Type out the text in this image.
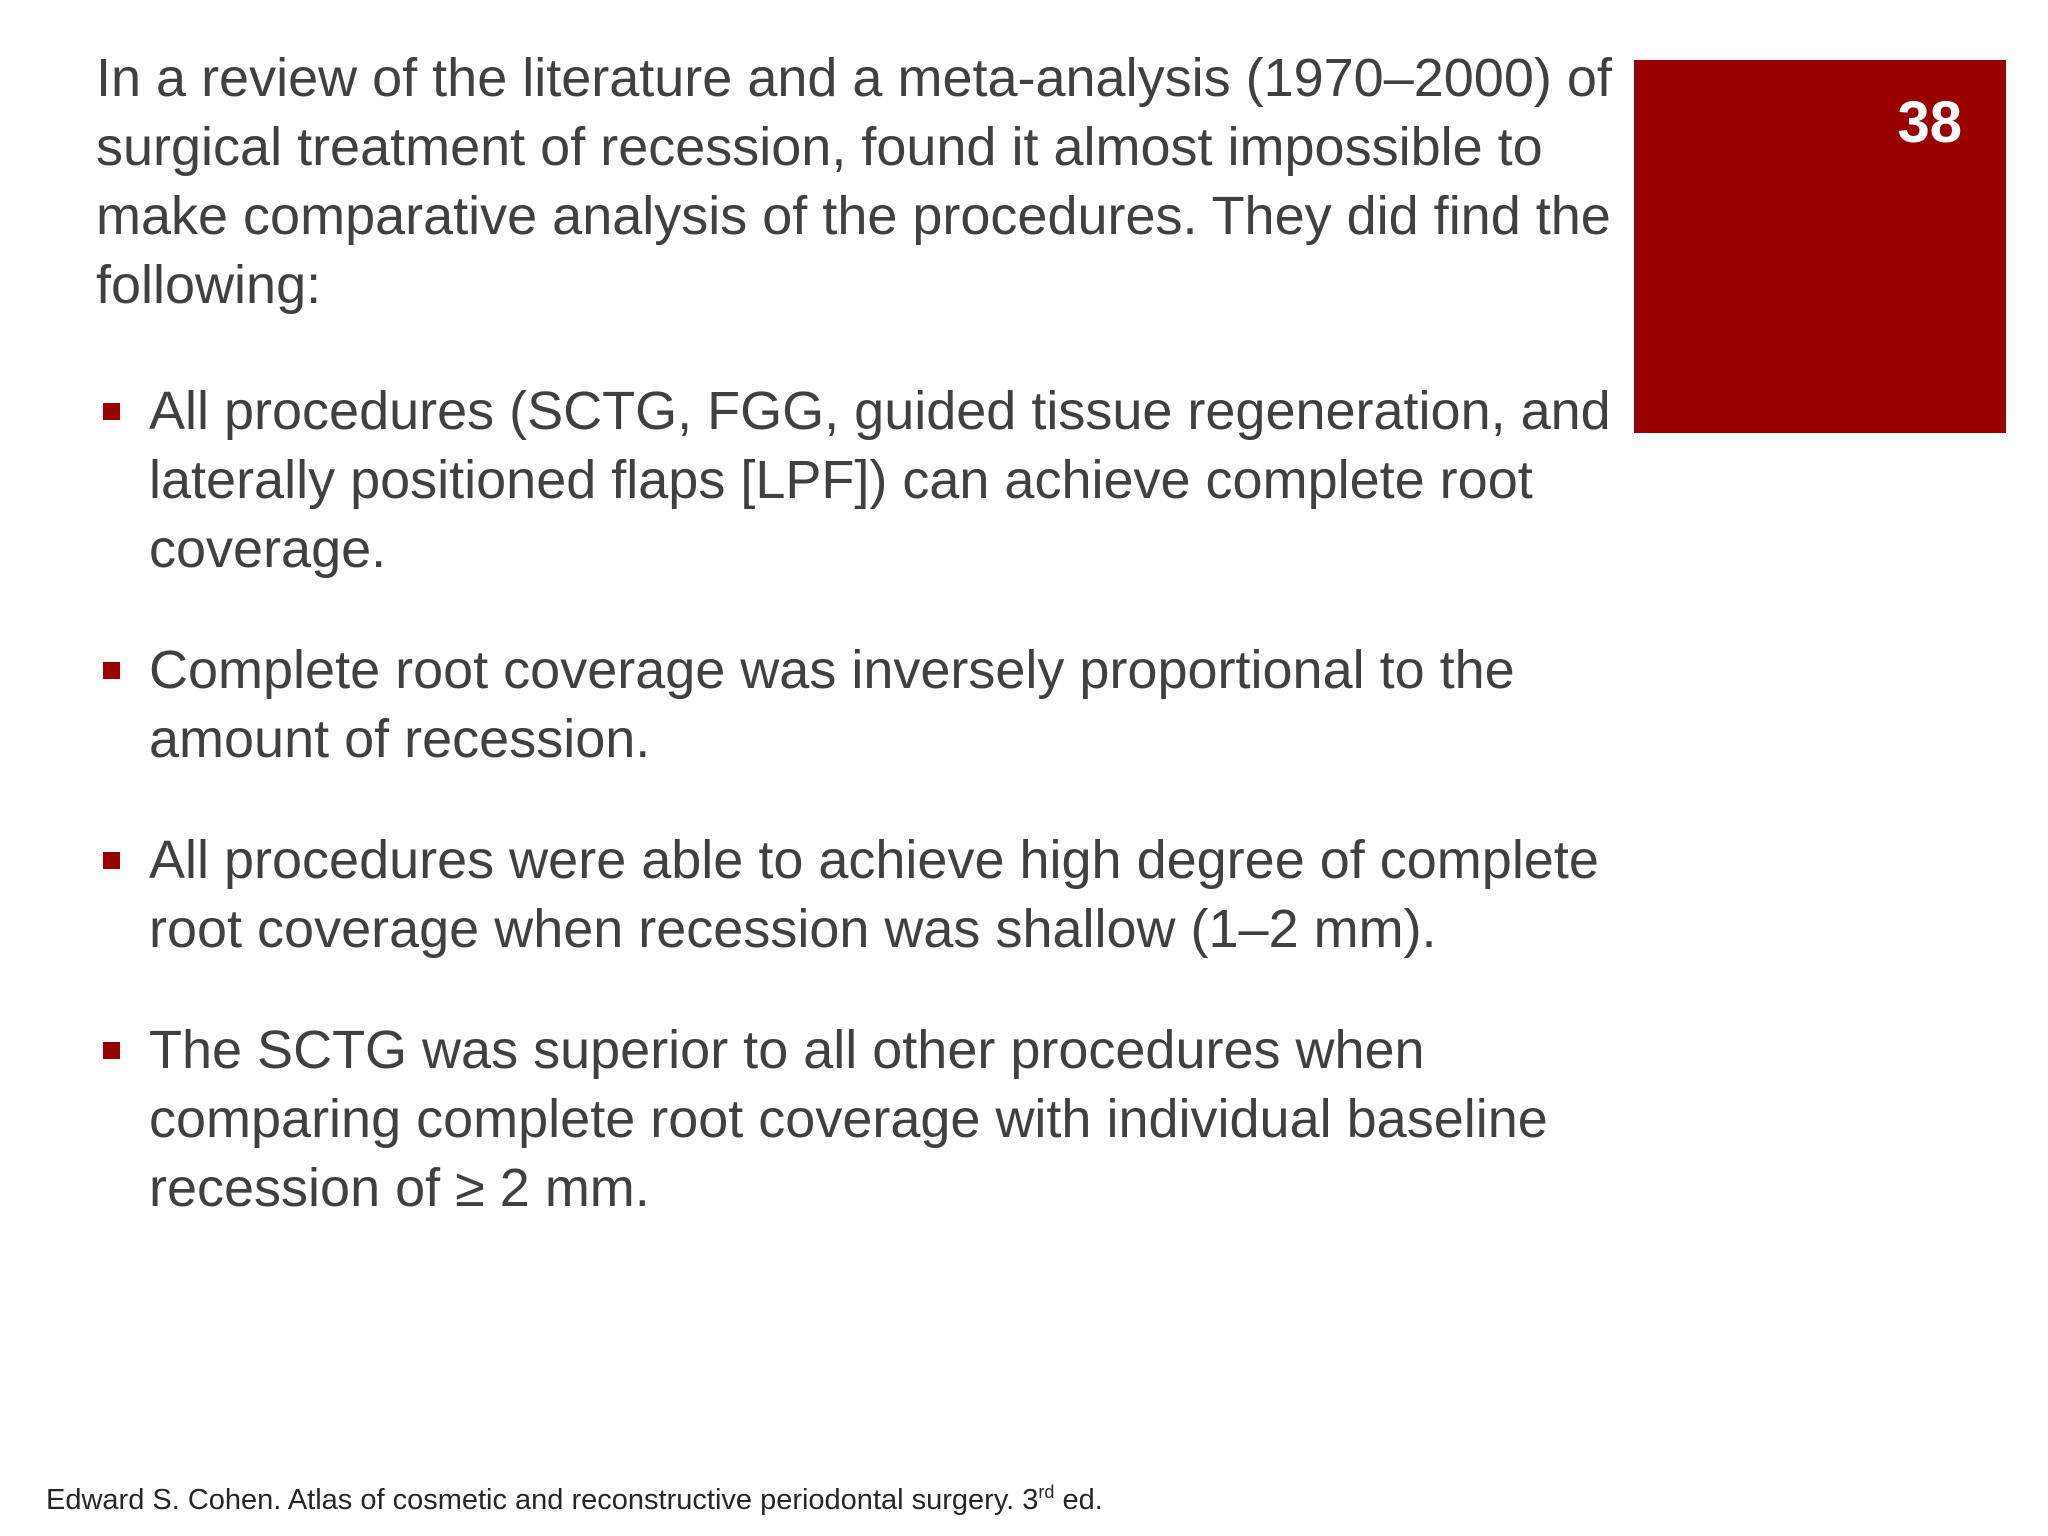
38

In a review of the literature and a meta-analysis (1970–2000) of surgical treatment of recession, found it almost impossible to make comparative analysis of the procedures. They did find the following:

All procedures (SCTG, FGG, guided tissue regeneration, and laterally positioned flaps [LPF]) can achieve complete root coverage.
Complete root coverage was inversely proportional to the amount of recession.
All procedures were able to achieve high degree of complete root coverage when recession was shallow (1–2 mm).
The SCTG was superior to all other procedures when comparing complete root coverage with individual baseline recession of ≥ 2 mm.
Edward S. Cohen. Atlas of cosmetic and reconstructive periodontal surgery. 3rd ed.
